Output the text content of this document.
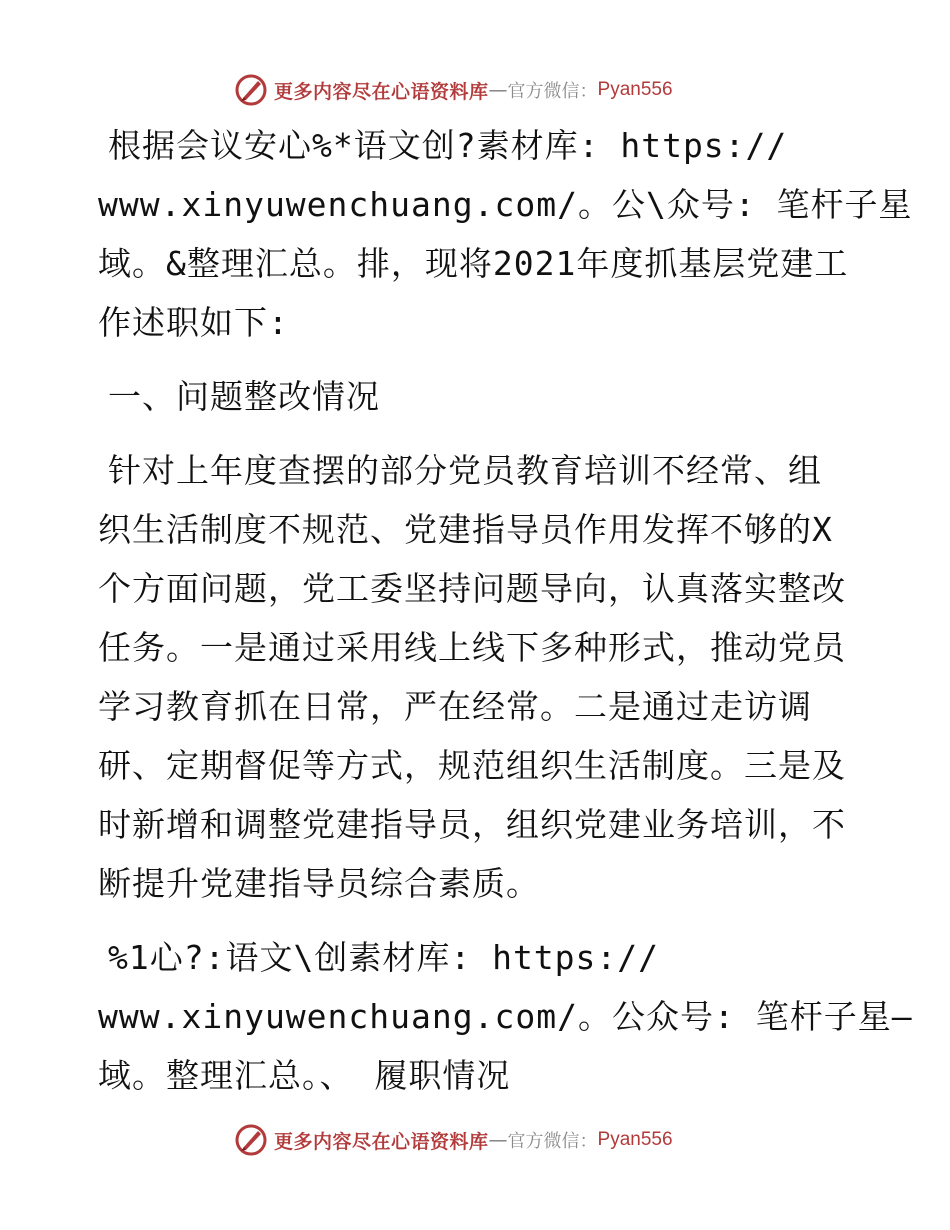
更多内容尽在心语资料库 — 官方微信： Pyan556
根据会议安心%*语文创?素材库: https://
www.xinyuwenchuang.com/。公\众号: 笔杆子星
域。&整理汇总。排，现将2021年度抓基层党建工
作述职如下:
一、问题整改情况
针对上年度查摆的部分党员教育培训不经常、组
织生活制度不规范、党建指导员作用发挥不够的X
个方面问题，党工委坚持问题导向，认真落实整改
任务。一是通过采用线上线下多种形式，推动党员
学习教育抓在日常，严在经常。二是通过走访调
研、定期督促等方式，规范组织生活制度。三是及
时新增和调整党建指导员，组织党建业务培训，不
断提升党建指导员综合素质。
%1心?:语文\创素材库: https://
www.xinyuwenchuang.com/。公众号: 笔杆子星—
域。整理汇总。、 履职情况
更多内容尽在心语资料库 — 官方微信： Pyan556
